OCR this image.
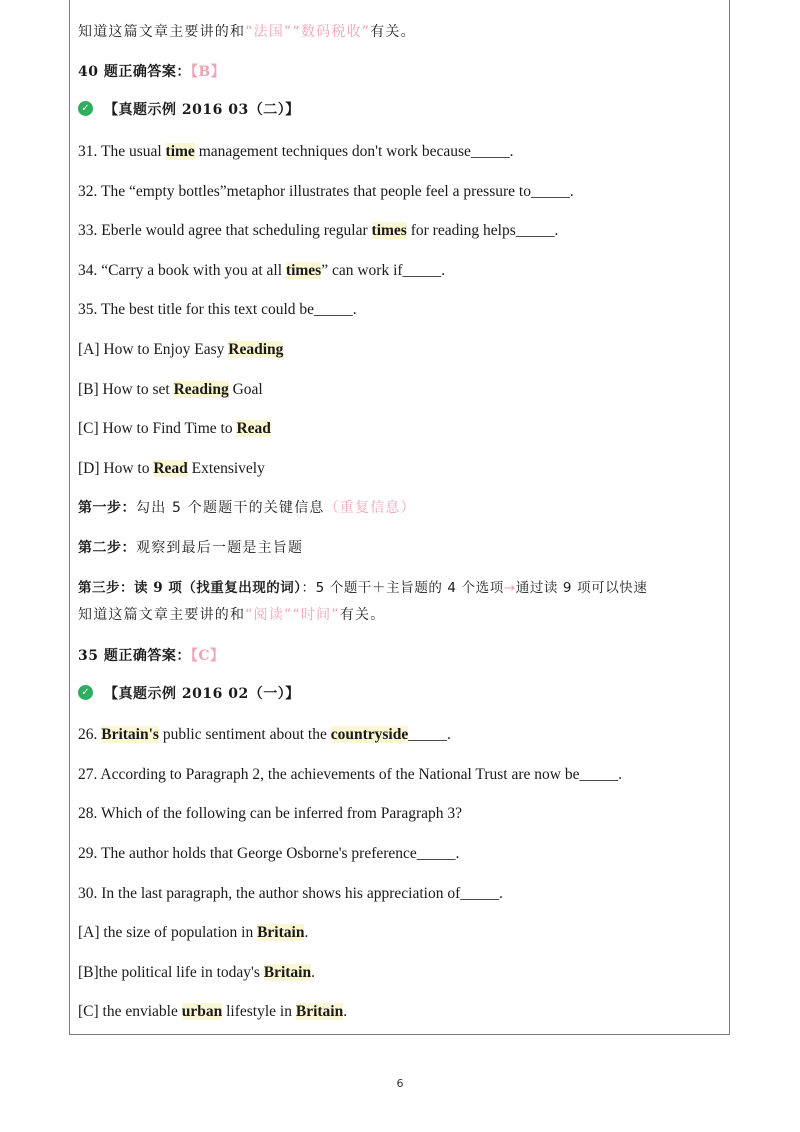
知道这篇文章主要讲的和“法国”“数码税收”有关。
40 题正确答案：【B】
✓ 【真题示例 2016 03（二）】
31. The usual time management techniques don't work because_____.
32. The “empty bottles”metaphor illustrates that people feel a pressure to_____.
33. Eberle would agree that scheduling regular times for reading helps_____.
34. “Carry a book with you at all times” can work if_____.
35. The best title for this text could be_____.
[A] How to Enjoy Easy Reading
[B] How to set Reading Goal
[C] How to Find Time to Read
[D] How to Read Extensively
第一步：勾出 5 个题题干的关键信息（重复信息）
第二步：观察到最后一题是主旨题
第三步：读 9 项（找重复出现的词）：5 个题干＋主旨题的 4 个选项→通过读 9 项可以快速
知道这篇文章主要讲的和“阅读”“时间”有关。
35 题正确答案：【C】
✓ 【真题示例 2016 02（一）】
26. Britain's public sentiment about the countryside_____.
27. According to Paragraph 2, the achievements of the National Trust are now be_____.
28. Which of the following can be inferred from Paragraph 3?
29. The author holds that George Osborne's preference_____.
30. In the last paragraph, the author shows his appreciation of_____.
[A] the size of population in Britain.
[B]the political life in today's Britain.
[C] the enviable urban lifestyle in Britain.
6
